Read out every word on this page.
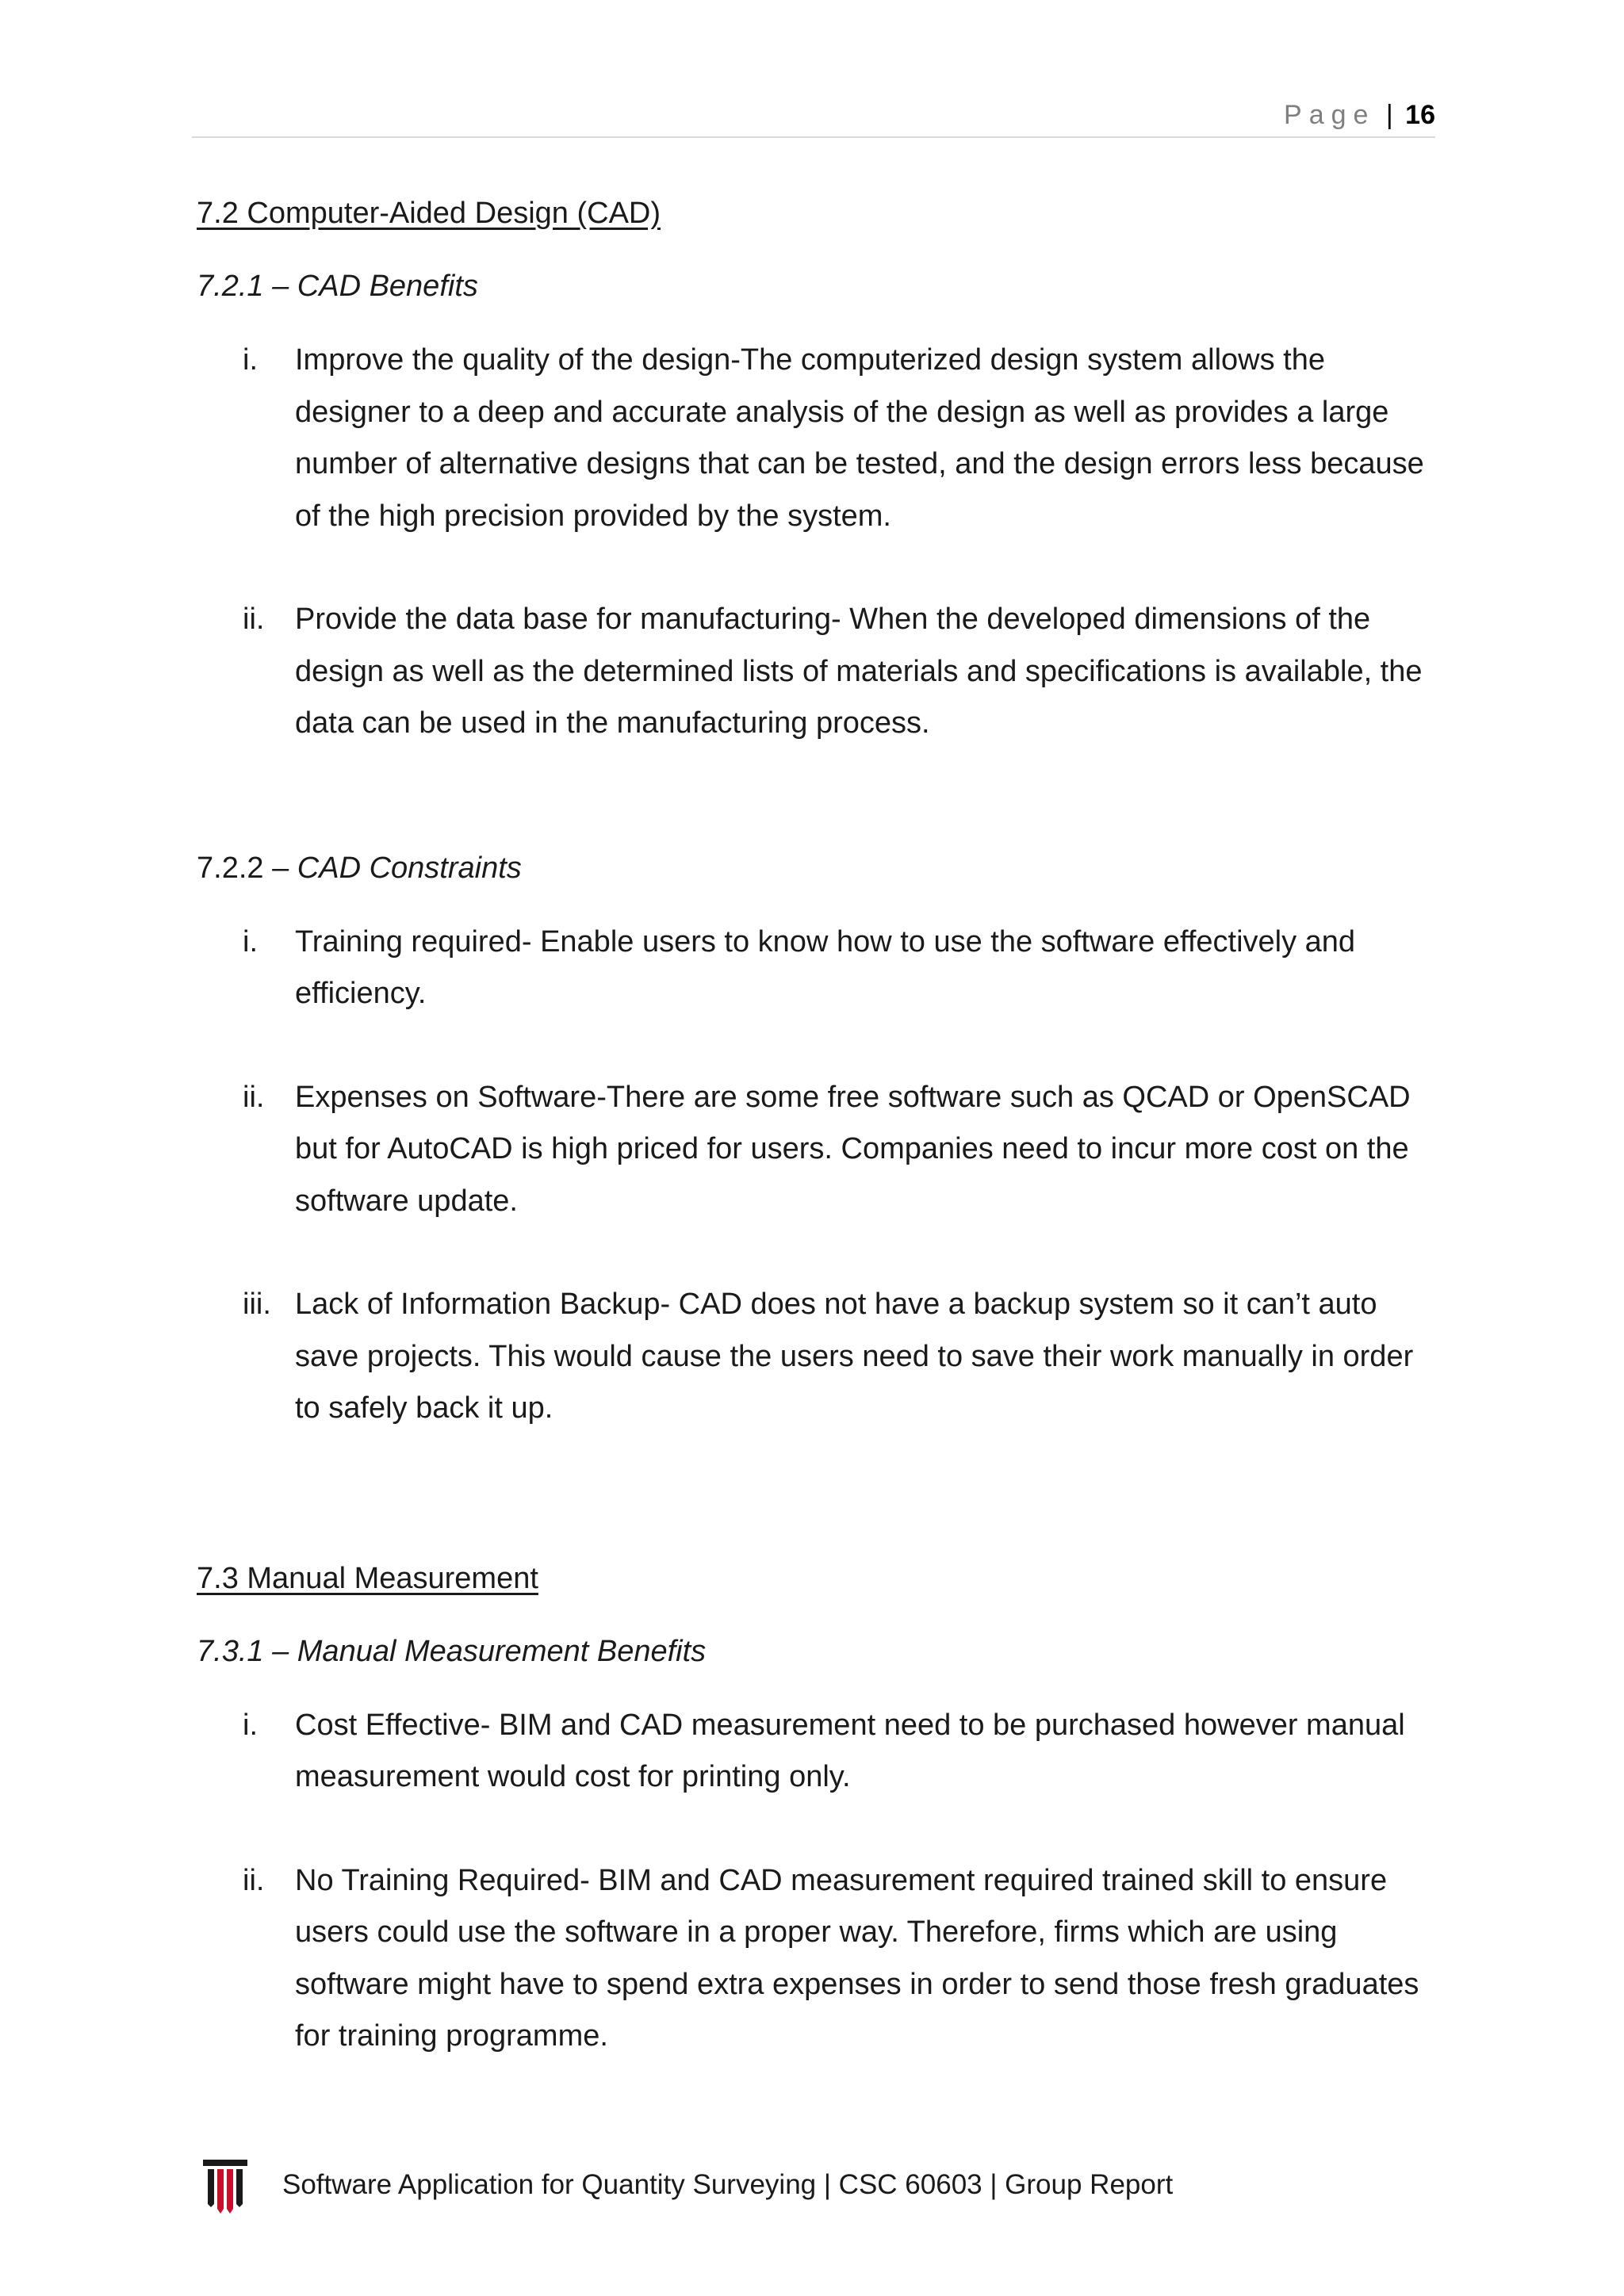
Page | 16
7.2 Computer-Aided Design (CAD)
7.2.1 – CAD Benefits
i. Improve the quality of the design-The computerized design system allows the designer to a deep and accurate analysis of the design as well as provides a large number of alternative designs that can be tested, and the design errors less because of the high precision provided by the system.
ii. Provide the data base for manufacturing- When the developed dimensions of the design as well as the determined lists of materials and specifications is available, the data can be used in the manufacturing process.
7.2.2 – CAD Constraints
i. Training required- Enable users to know how to use the software effectively and efficiency.
ii. Expenses on Software-There are some free software such as QCAD or OpenSCAD but for AutoCAD is high priced for users. Companies need to incur more cost on the software update.
iii. Lack of Information Backup- CAD does not have a backup system so it can’t auto save projects. This would cause the users need to save their work manually in order to safely back it up.
7.3 Manual Measurement
7.3.1 – Manual Measurement Benefits
i. Cost Effective- BIM and CAD measurement need to be purchased however manual measurement would cost for printing only.
ii. No Training Required- BIM and CAD measurement required trained skill to ensure users could use the software in a proper way. Therefore, firms which are using software might have to spend extra expenses in order to send those fresh graduates for training programme.
Software Application for Quantity Surveying | CSC 60603 | Group Report
